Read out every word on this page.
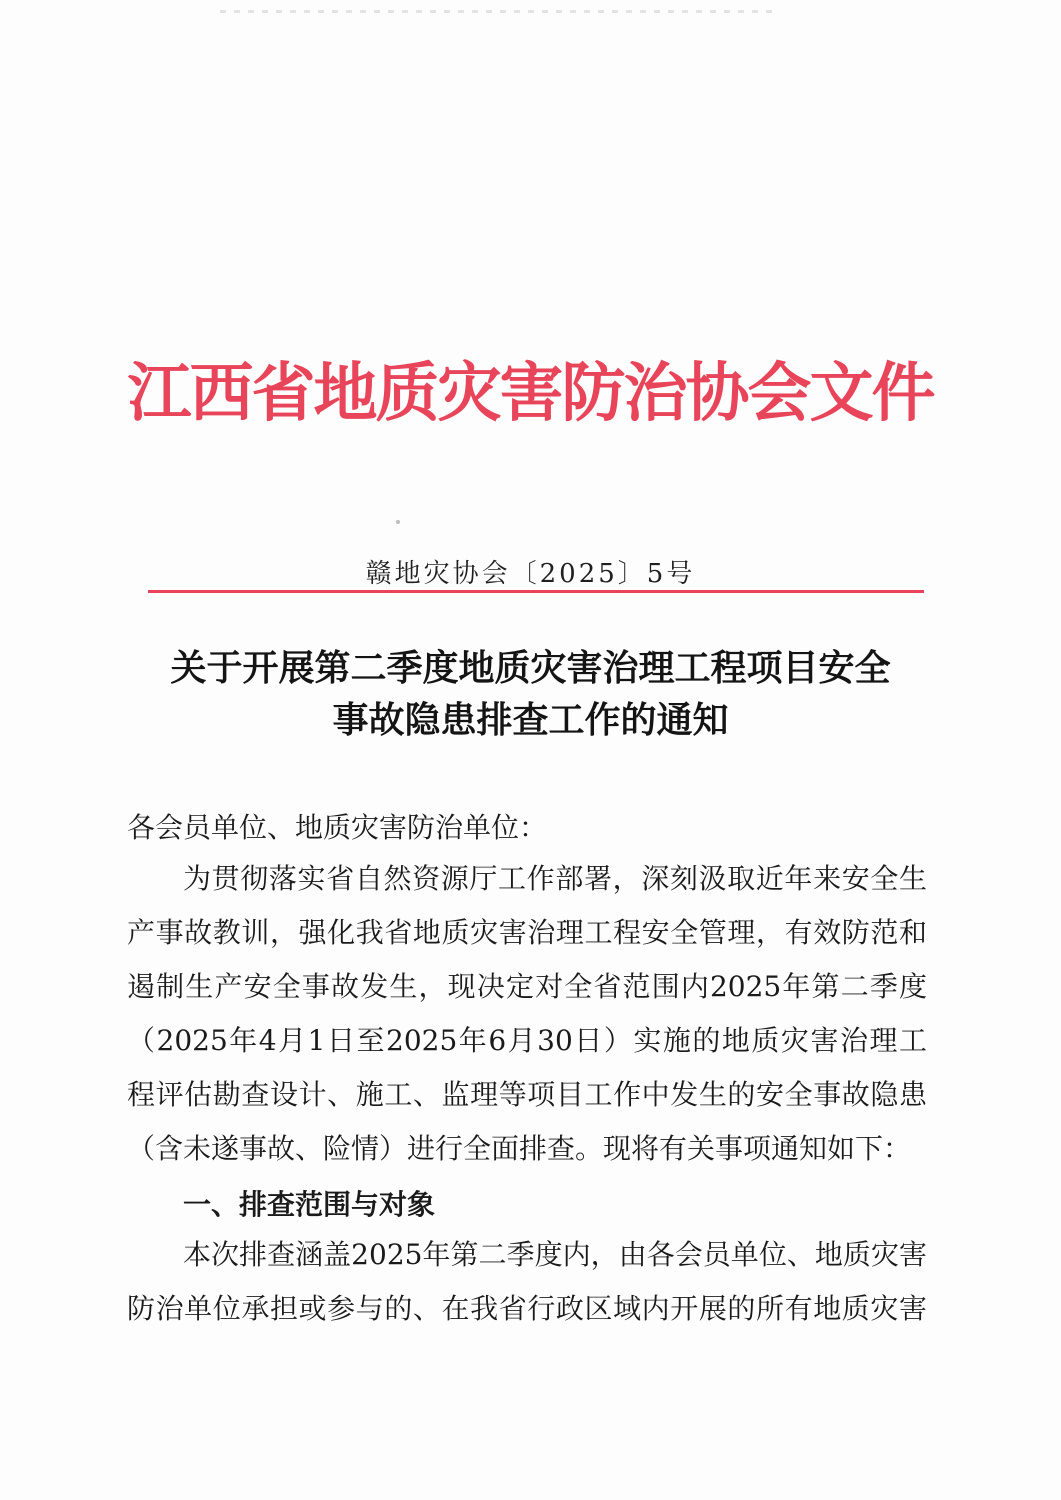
江西省地质灾害防治协会文件
赣地灾协会〔2025〕5号
关于开展第二季度地质灾害治理工程项目安全
事故隐患排查工作的通知
各会员单位、地质灾害防治单位：
为贯彻落实省自然资源厅工作部署，深刻汲取近年来安全生
产事故教训，强化我省地质灾害治理工程安全管理，有效防范和
遏制生产安全事故发生，现决定对全省范围内2025年第二季度
（2025年4月1日至2025年6月30日）实施的地质灾害治理工
程评估勘查设计、施工、监理等项目工作中发生的安全事故隐患
（含未遂事故、险情）进行全面排查。现将有关事项通知如下：
一、排查范围与对象
本次排查涵盖2025年第二季度内，由各会员单位、地质灾害
防治单位承担或参与的、在我省行政区域内开展的所有地质灾害
